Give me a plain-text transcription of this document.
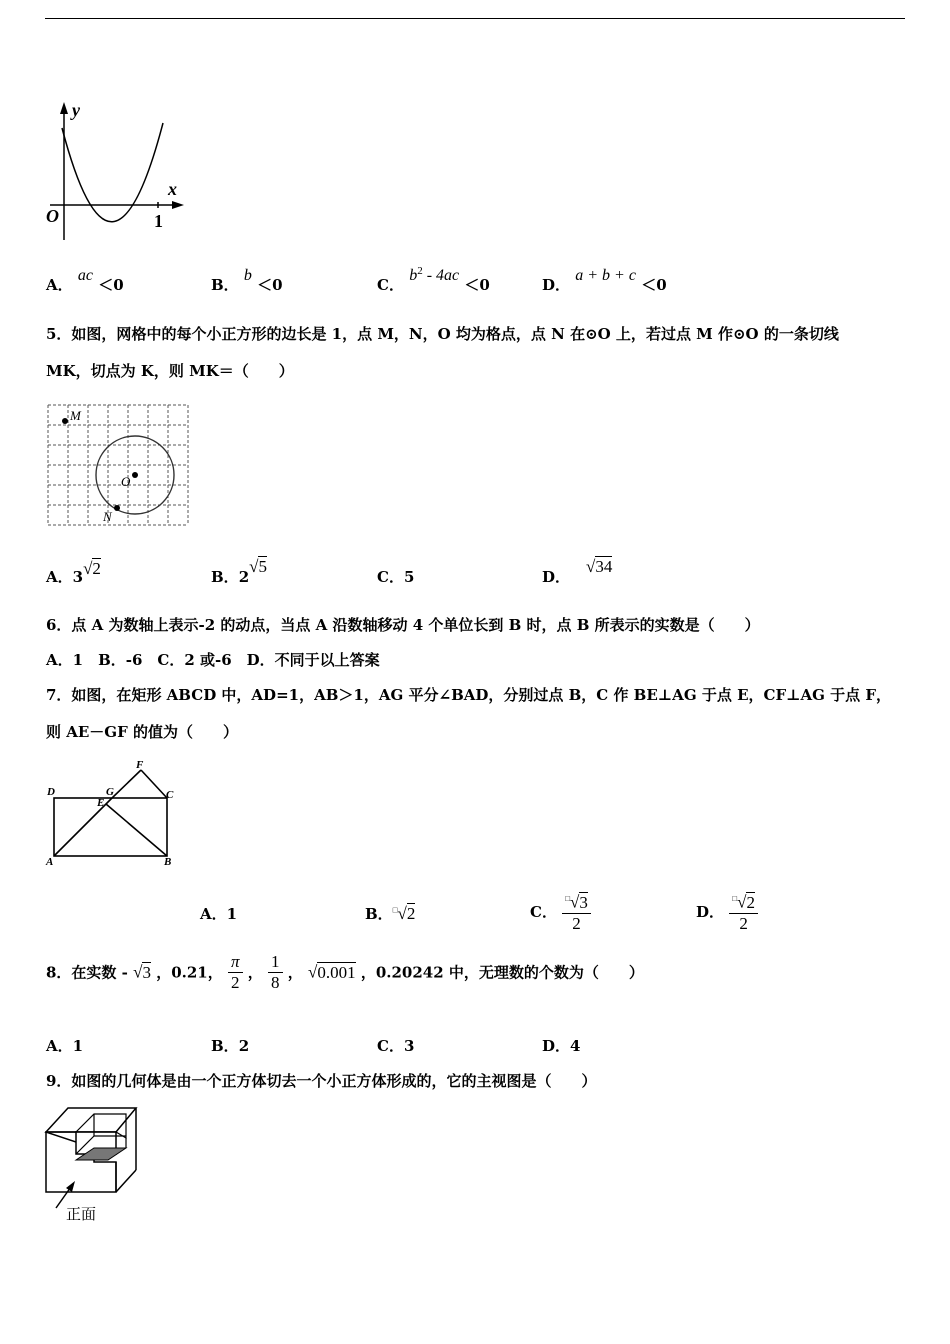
y
x
O	1
A． ac ＜0	B． b ＜0	C． $b^2 - 4ac <0$	D． a + b + c ＜0
5．如图，网格中的每个小正方形的边长是 1，点 M，N，O 均为格点，点 N 在⊙O 上，若过点 M 作⊙O 的一条切线
MK，切点为 K，则 MK＝（　　）
M
O
N
A．3√2	B．2√5
C．5	D．√34
6．点 A 为数轴上表示-2 的动点，当点 A 沿数轴移动 4 个单位长到 B 时，点 B 所表示的实数是（　　）
A．1　B．-6　C．2 或-6　D．不同于以上答案
7．如图，在矩形 ABCD 中，AD=1，AB＞1，AG 平分∠BAD，分别过点 B，C 作 BE⊥AG 于点 E，CF⊥AG 于点 F，
则 AE－GF 的值为（　　）
D	G
E
F
C
A	B
A．1	B．□√2	C． $\frac{^□√3}{2}$	D． $\frac{^□√2}{2}$
8．在实数 - √3 ，0.21， $\frac{\pi}{2}$ ， $\frac{1}{8}$ ， √0.001 ，0.20242 中，无理数的个数为（　　）
A．1	B．2	C．3	D．4
9．如图的几何体是由一个正方体切去一个小正方体形成的，它的主视图是（　　）
正面
